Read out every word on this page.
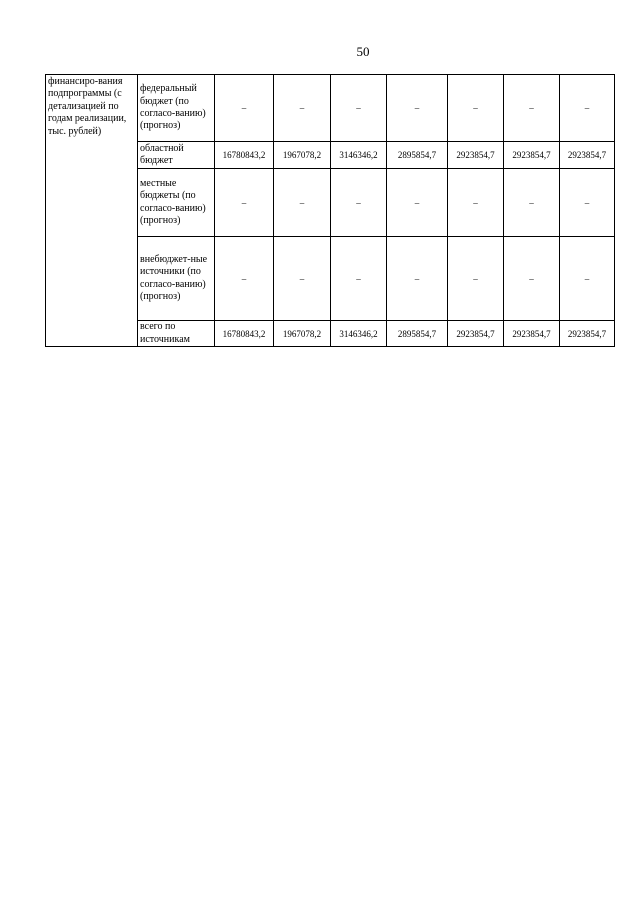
50
финансиро-вания подпрограммы (с детализацией по годам реализации, тыс. рублей)	федеральный бюджет (по согласо-ванию) (прогноз)	–	–	–	–	–	–	–
	областной бюджет	16780843,2	1967078,2	3146346,2	2895854,7	2923854,7	2923854,7	2923854,7
	местные бюджеты (по согласо-ванию) (прогноз)	–	–	–	–	–	–	–
	внебюджет-ные источники (по согласо-ванию) (прогноз)	–	–	–	–	–	–	–
	всего по источникам	16780843,2	1967078,2	3146346,2	2895854,7	2923854,7	2923854,7	2923854,7
